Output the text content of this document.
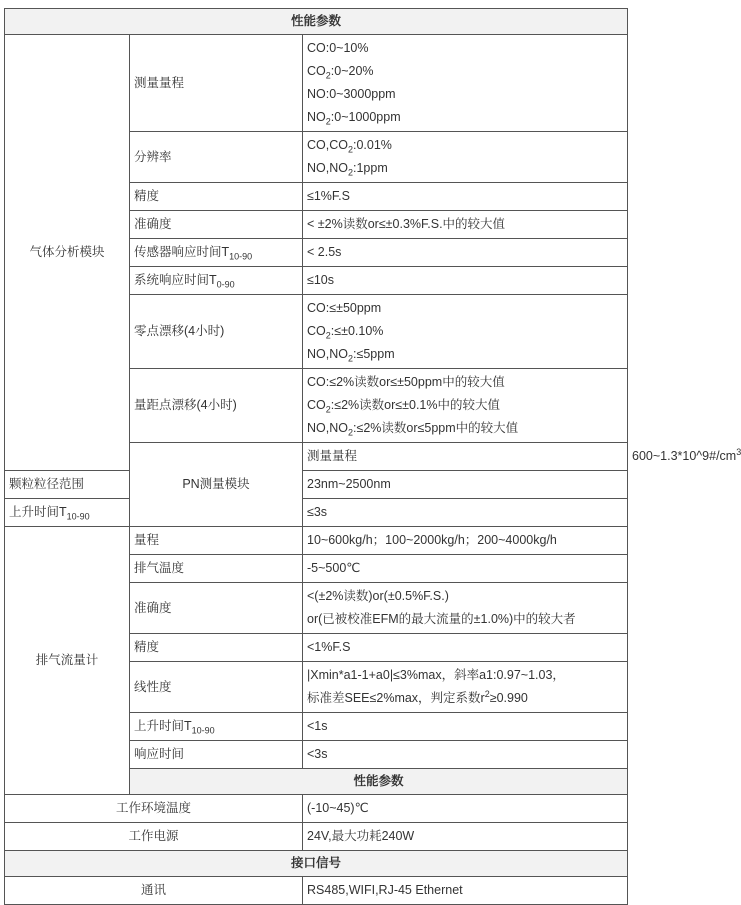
性能参数			
气体分析模块	测量量程	CO:0~10%
$CO_2:0\sim 20\%$
NO:0~3000ppm
$NO_2:0\sim 1000ppm$	

	分辨率	$CO,CO_2:0.01\%$
$NO,NO_2:1ppm$	

	精度	≤1%F.S	
	准确度	< ±2%读数or≤±0.3%F.S.中的较大值	
	传感器响应时间$T_{10-90}$	< 2.5s	
	系统响应时间$T_{0-90}$	≤10s	
	零点漂移(4小时)	CO:≤±50ppm
$CO_2:\le\pm 0.10\%$
$NO,NO_2:\le 5ppm$	

	量距点漂移(4小时)	CO:≤2%读数or≤±50ppm中的较大值
$CO_2:\le 2\%$读数or≤±0.1%中的较大值
$NO,NO_2:\le 2\%$读数or≤5ppm中的较大值	

	PN测量模块	测量量程	$600\sim 1.3*10\^{}9\#/cm^3$
颗粒粒径范围		23nm~2500nm	
上升时间$T_{10-90}$		≤3s	
排气流量计	量程	10~600kg/h；100~2000kg/h；200~4000kg/h	
	排气温度	-5~500℃	
	准确度	<(±2%读数)or(±0.5%F.S.)
or(已被校准EFM的最大流量的±1.0%)中的较大者	

	精度	<1%F.S	
	线性度	|Xmin*a1-1+a0|≤3%max，斜率a1:0.97~1.03，
标准差SEE≤2%max，判定系数$r^2\ge 0.990$	

	上升时间$T_{10-90}$	<1s	
	响应时间	<3s	
	性能参数		
工作环境温度		(-10~45)℃	
工作电源		24V,最大功耗240W	
接口信号			
通讯		RS485,WIFI,RJ-45 Ethernet	
